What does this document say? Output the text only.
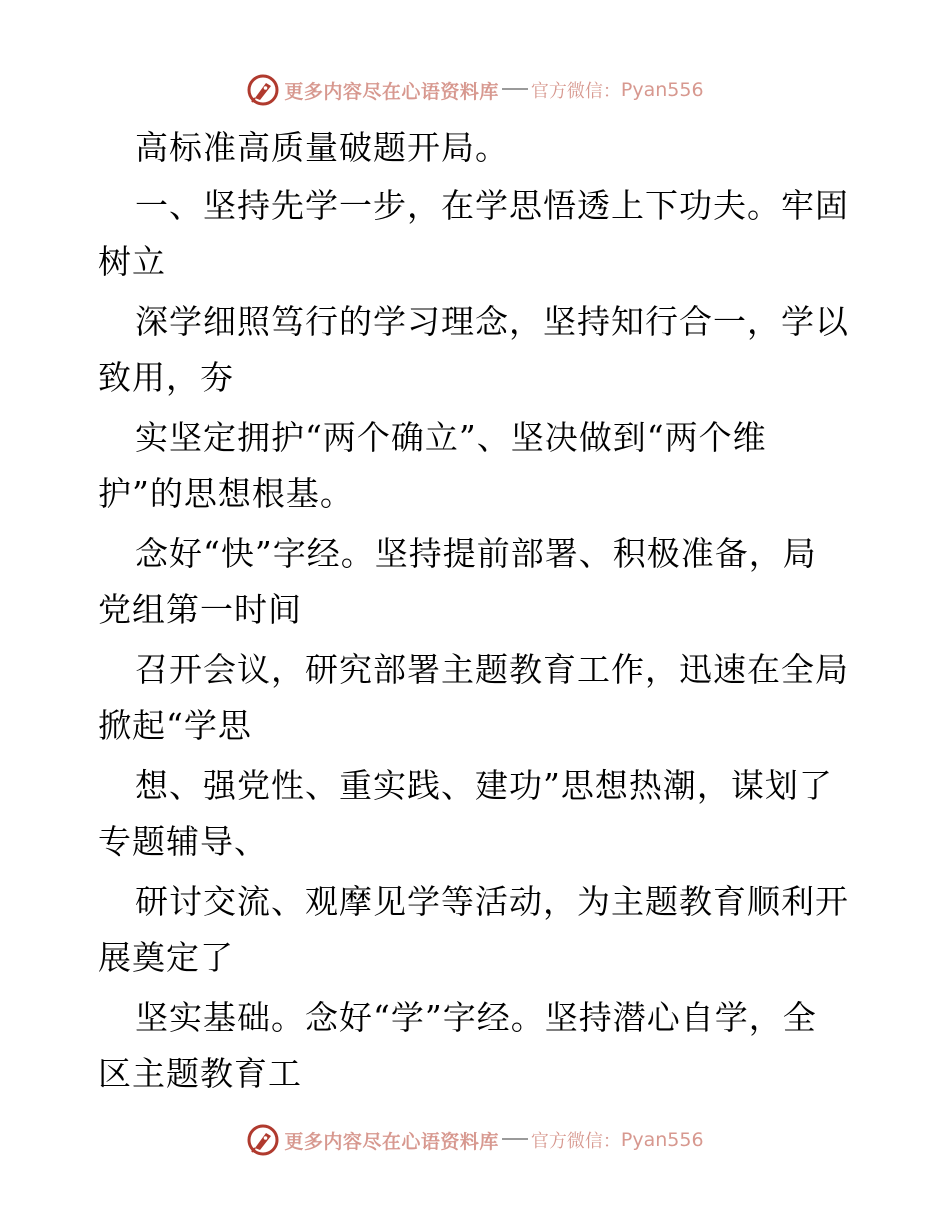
更多内容尽在心语资料库 官方微信： Pyan556
高标准高质量破题开局。
一、坚持先学一步，在学思悟透上下功夫。牢固
树立
深学细照笃行的学习理念，坚持知行合一，学以
致用，夯
实坚定拥护“两个确立”、坚决做到“两个维
护”的思想根基。
念好“快”字经。坚持提前部署、积极准备，局
党组第一时间
召开会议，研究部署主题教育工作，迅速在全局
掀起“学思
想、强党性、重实践、建功”思想热潮，谋划了
专题辅导、
研讨交流、观摩见学等活动，为主题教育顺利开
展奠定了
坚实基础。念好“学”字经。坚持潜心自学，全
区主题教育工
更多内容尽在心语资料库 官方微信： Pyan556
